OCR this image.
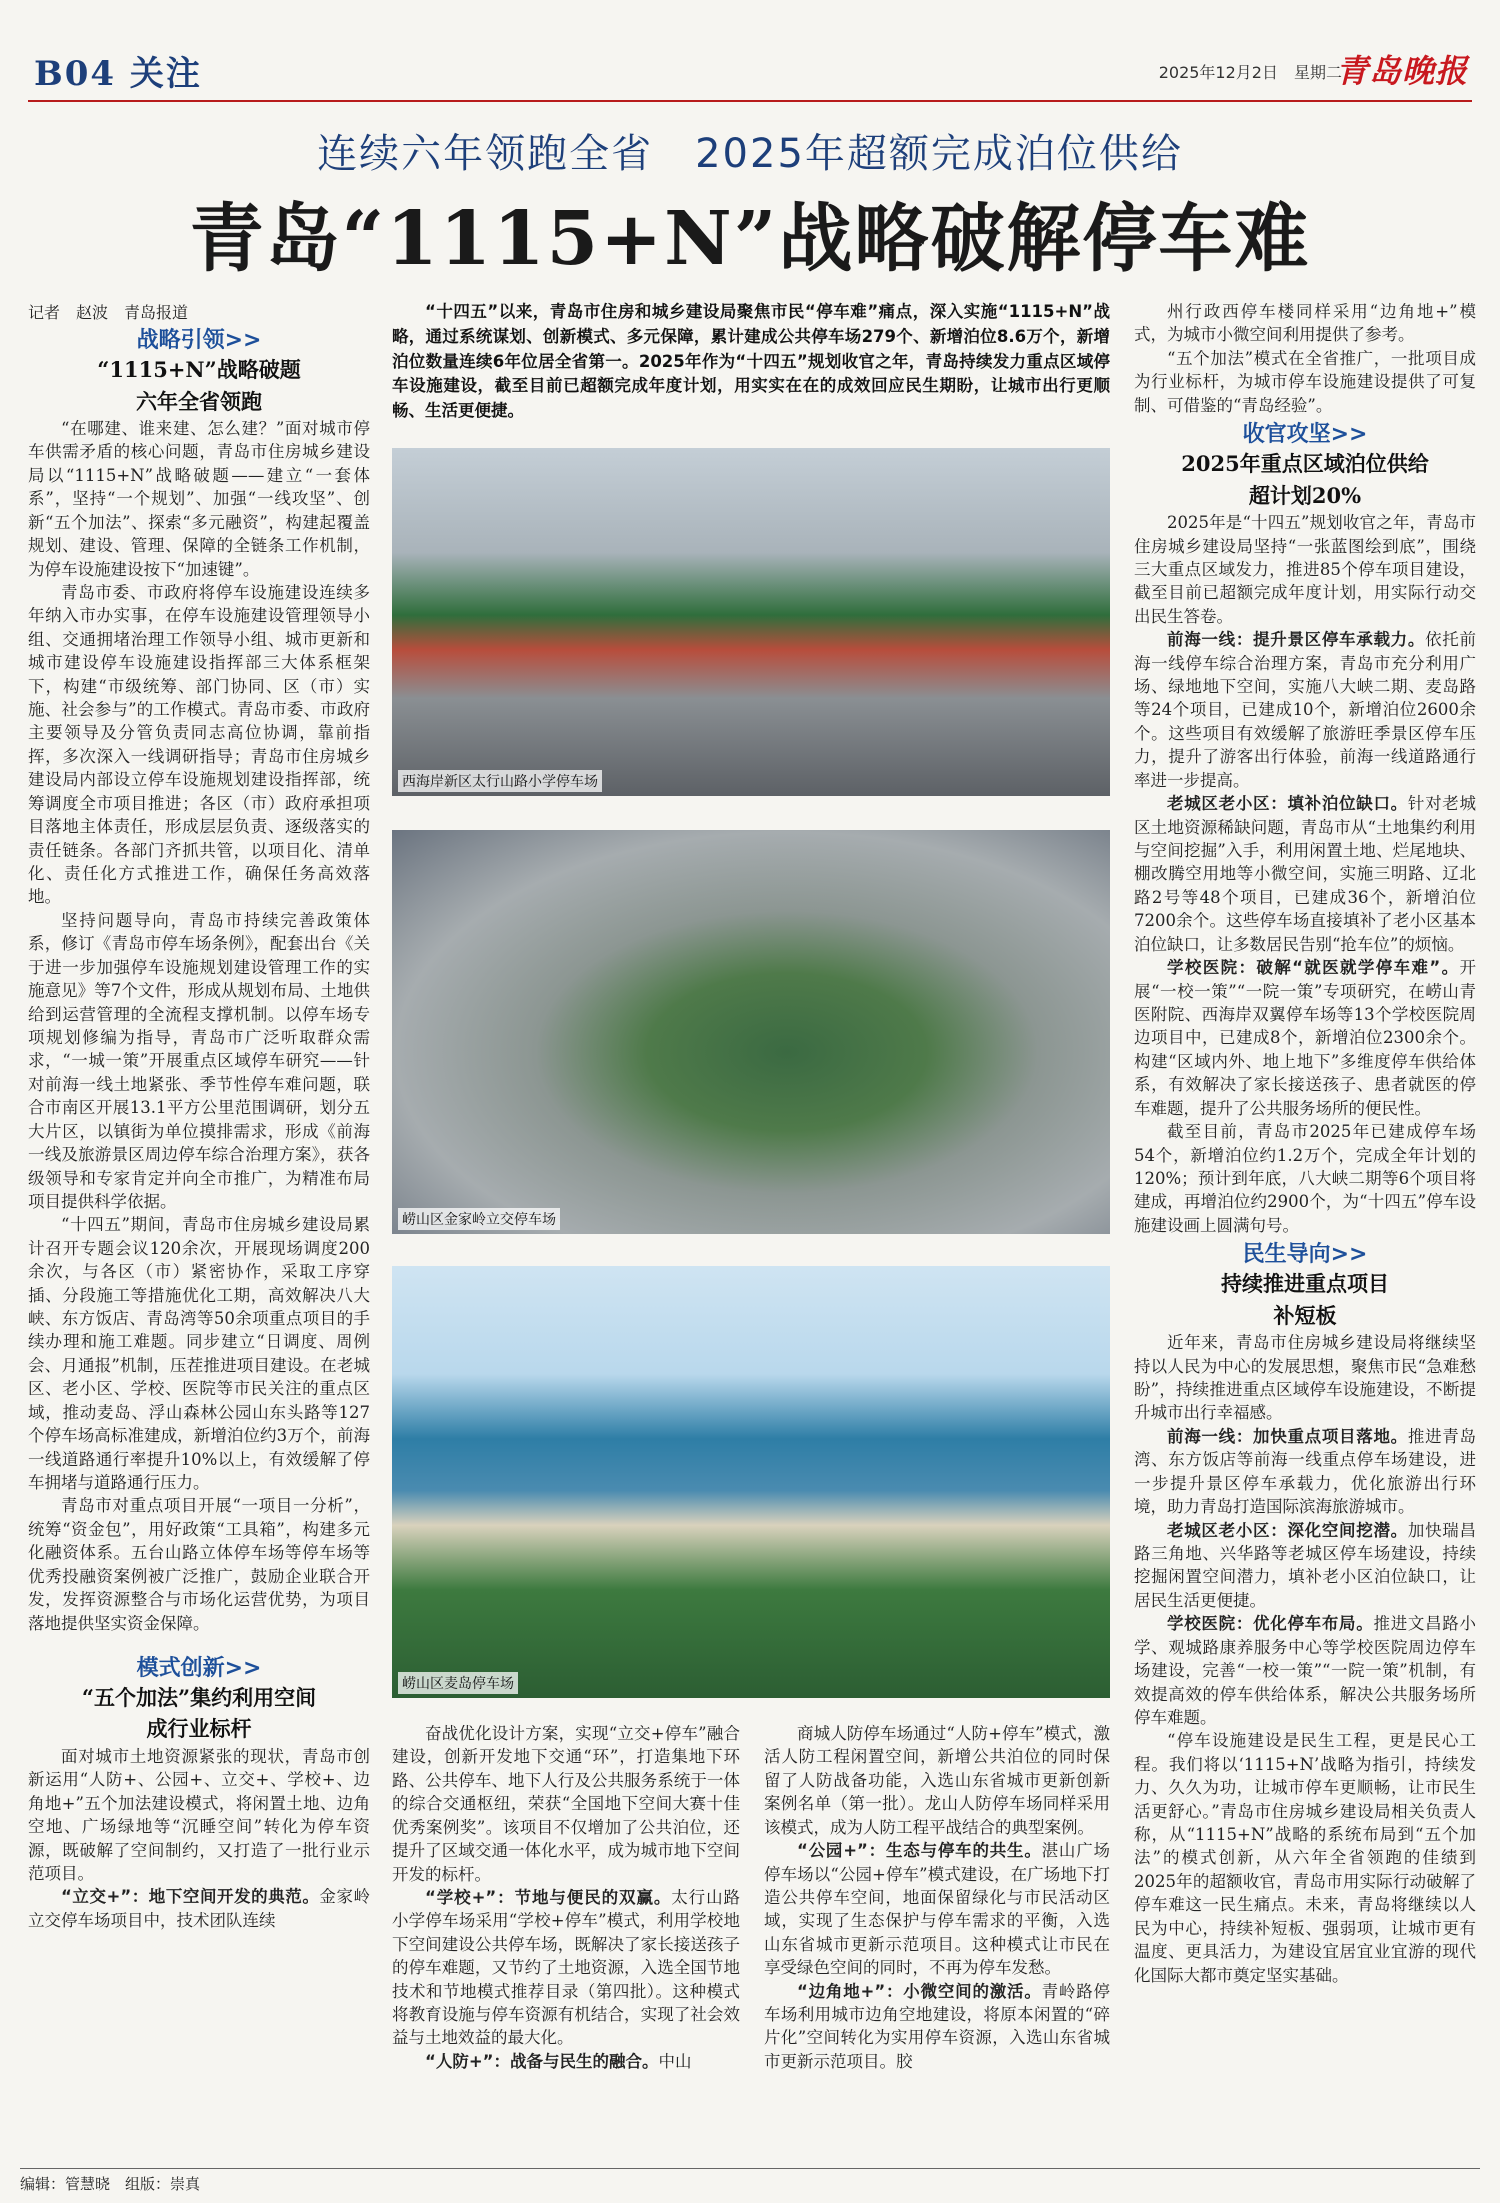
B04 关注	2025年12月2日　 星期二
青岛晚报
连续六年领跑全省　2025年超额完成泊位供给
青岛“1115+N”战略破解停车难

记者　赵波　青岛报道

战略引领>>

“1115+N”战略破题
六年全省领跑

“在哪建、谁来建、怎么建？”面对城市停车供需矛盾的核心问题，青岛市住房城乡建设局以“1115+N”战略破题——建立“一套体系”，坚持“一个规划”、加强“一线攻坚”、创新“五个加法”、探索“多元融资”，构建起覆盖规划、建设、管理、保障的全链条工作机制，为停车设施建设按下“加速键”。

青岛市委、市政府将停车设施建设连续多年纳入市办实事，在停车设施建设管理领导小组、交通拥堵治理工作领导小组、城市更新和城市建设停车设施建设指挥部三大体系框架下，构建“市级统筹、部门协同、区（市）实施、社会参与”的工作模式。青岛市委、市政府主要领导及分管负责同志高位协调，靠前指挥，多次深入一线调研指导；青岛市住房城乡建设局内部设立停车设施规划建设指挥部，统筹调度全市项目推进；各区（市）政府承担项目落地主体责任，形成层层负责、逐级落实的责任链条。各部门齐抓共管，以项目化、清单化、责任化方式推进工作，确保任务高效落地。

坚持问题导向，青岛市持续完善政策体系，修订《青岛市停车场条例》，配套出台《关于进一步加强停车设施规划建设管理工作的实施意见》等7个文件，形成从规划布局、土地供给到运营管理的全流程支撑机制。以停车场专项规划修编为指导，青岛市广泛听取群众需求，“一城一策”开展重点区域停车研究——针对前海一线土地紧张、季节性停车难问题，联合市南区开展13.1平方公里范围调研，划分五大片区，以镇街为单位摸排需求，形成《前海一线及旅游景区周边停车综合治理方案》，获各级领导和专家肯定并向全市推广，为精准布局项目提供科学依据。

“十四五”期间，青岛市住房城乡建设局累计召开专题会议120余次，开展现场调度200余次，与各区（市）紧密协作，采取工序穿插、分段施工等措施优化工期，高效解决八大峡、东方饭店、青岛湾等50余项重点项目的手续办理和施工难题。同步建立“日调度、周例会、月通报”机制，压茬推进项目建设。在老城区、老小区、学校、医院等市民关注的重点区域，推动麦岛、浮山森林公园山东头路等127个停车场高标准建成，新增泊位约3万个，前海一线道路通行率提升10%以上，有效缓解了停车拥堵与道路通行压力。

青岛市对重点项目开展“一项目一分析”，统筹“资金包”，用好政策“工具箱”，构建多元化融资体系。五台山路立体停车场等停车场等优秀投融资案例被广泛推广，鼓励企业联合开发，发挥资源整合与市场化运营优势，为项目落地提供坚实资金保障。

模式创新>>

“五个加法”集约利用空间
成行业标杆

面对城市土地资源紧张的现状，青岛市创新运用“人防+、公园+、立交+、学校+、边角地+”五个加法建设模式，将闲置土地、边角空地、广场绿地等“沉睡空间”转化为停车资源，既破解了空间制约，又打造了一批行业示范项目。

“立交+”：地下空间开发的典范。金家岭立交停车场项目中，技术团队连续

“十四五”以来，青岛市住房和城乡建设局聚焦市民“停车难”痛点，深入实施“1115+N”战略，通过系统谋划、创新模式、多元保障，累计建成公共停车场279个、新增泊位8.6万个，新增泊位数量连续6年位居全省第一。2025年作为“十四五”规划收官之年，青岛持续发力重点区域停车设施建设，截至目前已超额完成年度计划，用实实在在的成效回应民生期盼，让城市出行更顺畅、生活更便捷。
西海岸新区太行山路小学停车场
崂山区金家岭立交停车场
崂山区麦岛停车场

奋战优化设计方案，实现“立交+停车”融合建设，创新开发地下交通“环”，打造集地下环路、公共停车、地下人行及公共服务系统于一体的综合交通枢纽，荣获“全国地下空间大赛十佳优秀案例奖”。该项目不仅增加了公共泊位，还提升了区域交通一体化水平，成为城市地下空间开发的标杆。

“学校+”：节地与便民的双赢。太行山路小学停车场采用“学校+停车”模式，利用学校地下空间建设公共停车场，既解决了家长接送孩子的停车难题，又节约了土地资源，入选全国节地技术和节地模式推荐目录（第四批）。这种模式将教育设施与停车资源有机结合，实现了社会效益与土地效益的最大化。

“人防+”：战备与民生的融合。中山

商城人防停车场通过“人防+停车”模式，激活人防工程闲置空间，新增公共泊位的同时保留了人防战备功能，入选山东省城市更新创新案例名单（第一批）。龙山人防停车场同样采用该模式，成为人防工程平战结合的典型案例。

“公园+”：生态与停车的共生。湛山广场停车场以“公园+停车”模式建设，在广场地下打造公共停车空间，地面保留绿化与市民活动区域，实现了生态保护与停车需求的平衡，入选山东省城市更新示范项目。这种模式让市民在享受绿色空间的同时，不再为停车发愁。

“边角地+”：小微空间的激活。青岭路停车场利用城市边角空地建设，将原本闲置的“碎片化”空间转化为实用停车资源，入选山东省城市更新示范项目。胶

州行政西停车楼同样采用“边角地+”模式，为城市小微空间利用提供了参考。

“五个加法”模式在全省推广，一批项目成为行业标杆，为城市停车设施建设提供了可复制、可借鉴的“青岛经验”。

收官攻坚>>

2025年重点区域泊位供给
超计划20%

2025年是“十四五”规划收官之年，青岛市住房城乡建设局坚持“一张蓝图绘到底”，围绕三大重点区域发力，推进85个停车项目建设，截至目前已超额完成年度计划，用实际行动交出民生答卷。

前海一线：提升景区停车承载力。依托前海一线停车综合治理方案，青岛市充分利用广场、绿地地下空间，实施八大峡二期、麦岛路等24个项目，已建成10个，新增泊位2600余个。这些项目有效缓解了旅游旺季景区停车压力，提升了游客出行体验，前海一线道路通行率进一步提高。

老城区老小区：填补泊位缺口。针对老城区土地资源稀缺问题，青岛市从“土地集约利用与空间挖掘”入手，利用闲置土地、烂尾地块、棚改腾空用地等小微空间，实施三明路、辽北路2号等48个项目，已建成36个，新增泊位7200余个。这些停车场直接填补了老小区基本泊位缺口，让多数居民告别“抢车位”的烦恼。

学校医院：破解“就医就学停车难”。开展“一校一策”“一院一策”专项研究，在崂山青医附院、西海岸双翼停车场等13个学校医院周边项目中，已建成8个，新增泊位2300余个。构建“区域内外、地上地下”多维度停车供给体系，有效解决了家长接送孩子、患者就医的停车难题，提升了公共服务场所的便民性。

截至目前，青岛市2025年已建成停车场54个，新增泊位约1.2万个，完成全年计划的120%；预计到年底，八大峡二期等6个项目将建成，再增泊位约2900个，为“十四五”停车设施建设画上圆满句号。

民生导向>>

持续推进重点项目
补短板

近年来，青岛市住房城乡建设局将继续坚持以人民为中心的发展思想，聚焦市民“急难愁盼”，持续推进重点区域停车设施建设，不断提升城市出行幸福感。

前海一线：加快重点项目落地。推进青岛湾、东方饭店等前海一线重点停车场建设，进一步提升景区停车承载力，优化旅游出行环境，助力青岛打造国际滨海旅游城市。

老城区老小区：深化空间挖潜。加快瑞昌路三角地、兴华路等老城区停车场建设，持续挖掘闲置空间潜力，填补老小区泊位缺口，让居民生活更便捷。

学校医院：优化停车布局。推进文昌路小学、观城路康养服务中心等学校医院周边停车场建设，完善“一校一策”“一院一策”机制，有效提高效的停车供给体系，解决公共服务场所停车难题。

“停车设施建设是民生工程，更是民心工程。我们将以‘1115+N’战略为指引，持续发力、久久为功，让城市停车更顺畅，让市民生活更舒心。”青岛市住房城乡建设局相关负责人称，从“1115+N”战略的系统布局到“五个加法”的模式创新，从六年全省领跑的佳绩到2025年的超额收官，青岛市用实际行动破解了停车难这一民生痛点。未来，青岛将继续以人民为中心，持续补短板、强弱项，让城市更有温度、更具活力，为建设宜居宜业宜游的现代化国际大都市奠定坚实基础。

编辑：管慧晓　组版：崇真
